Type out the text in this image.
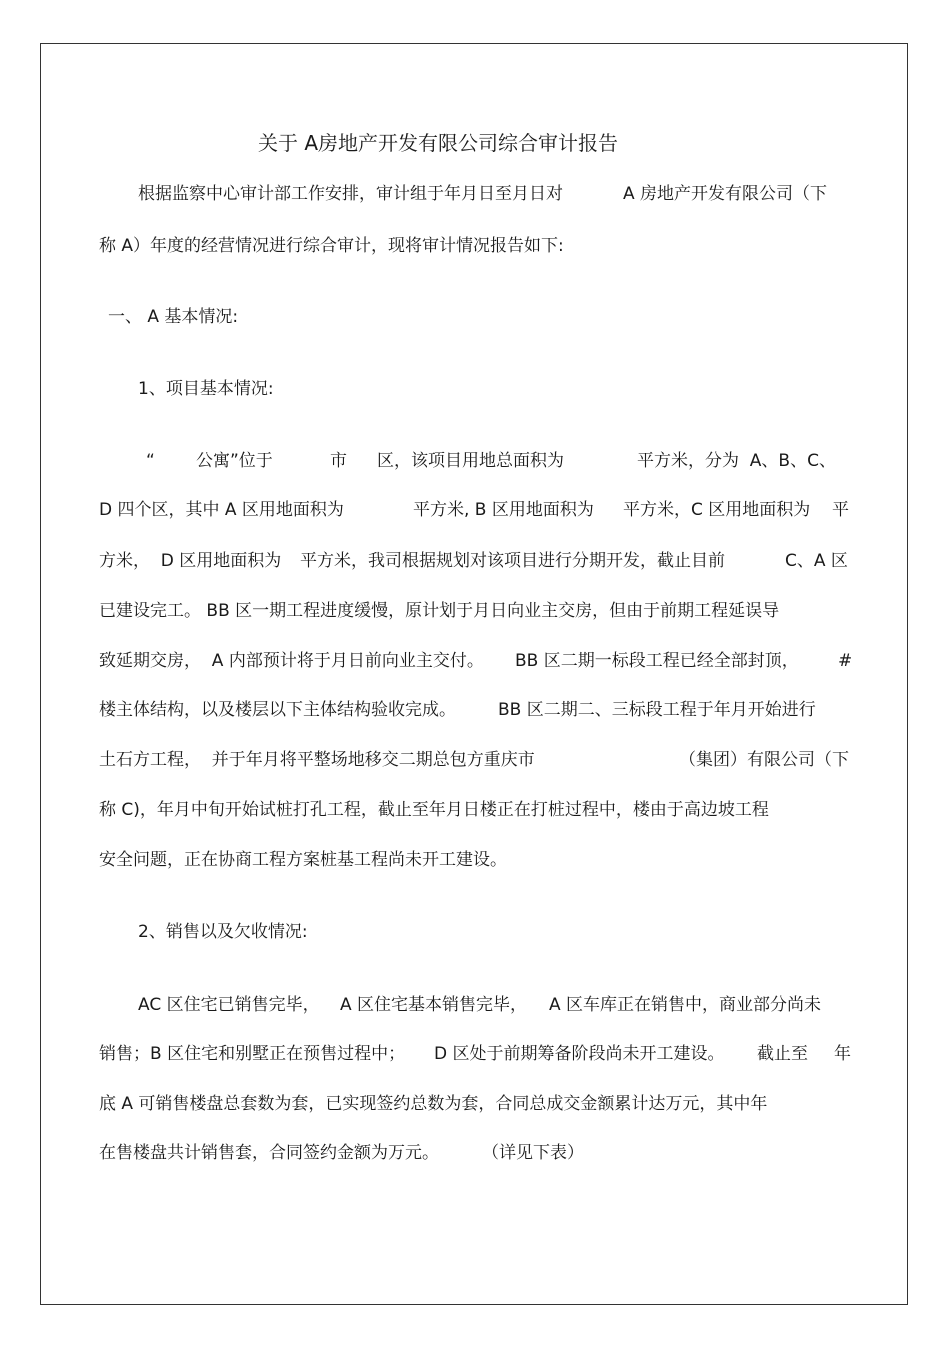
关于 A房地产开发有限公司综合审计报告
根据监察中心审计部工作安排，审计组于年月日至月日对	A 房地产开发有限公司（下
称 A）年度的经营情况进行综合审计，现将审计情况报告如下:
一、 A 基本情况:
1、项目基本情况:
“ 公寓”位于	市 区，该项目用地总面积为	平方米，分为  A、B、C、
D 四个区，其中 A 区用地面积为	平方米, B 区用地面积为 平方米，C 区用地面积为 平
方米，  D 区用地面积为 平方米，我司根据规划对该项目进行分期开发，截止目前	C、A 区
已建设完工。 BB 区一期工程进度缓慢，原计划于月日向业主交房，但由于前期工程延误导
致延期交房，  A 内部预计将于月日前向业主交付。 BB 区二期一标段工程已经全部封顶， #
楼主体结构，以及楼层以下主体结构验收完成。 BB 区二期二、三标段工程于年月开始进行
土石方工程，  并于年月将平整场地移交二期总包方重庆市	（集团）有限公司（下
称 C)，年月中旬开始试桩打孔工程，截止至年月日楼正在打桩过程中，楼由于高边坡工程
安全问题，正在协商工程方案桩基工程尚未开工建设。
2、销售以及欠收情况:
AC 区住宅已销售完毕， A 区住宅基本销售完毕， A 区车库正在销售中，商业部分尚未
销售；B 区住宅和别墅正在预售过程中； D 区处于前期筹备阶段尚未开工建设。 截止至 年
底 A 可销售楼盘总套数为套，已实现签约总数为套，合同总成交金额累计达万元，其中年
在售楼盘共计销售套，合同签约金额为万元。	（详见下表）
